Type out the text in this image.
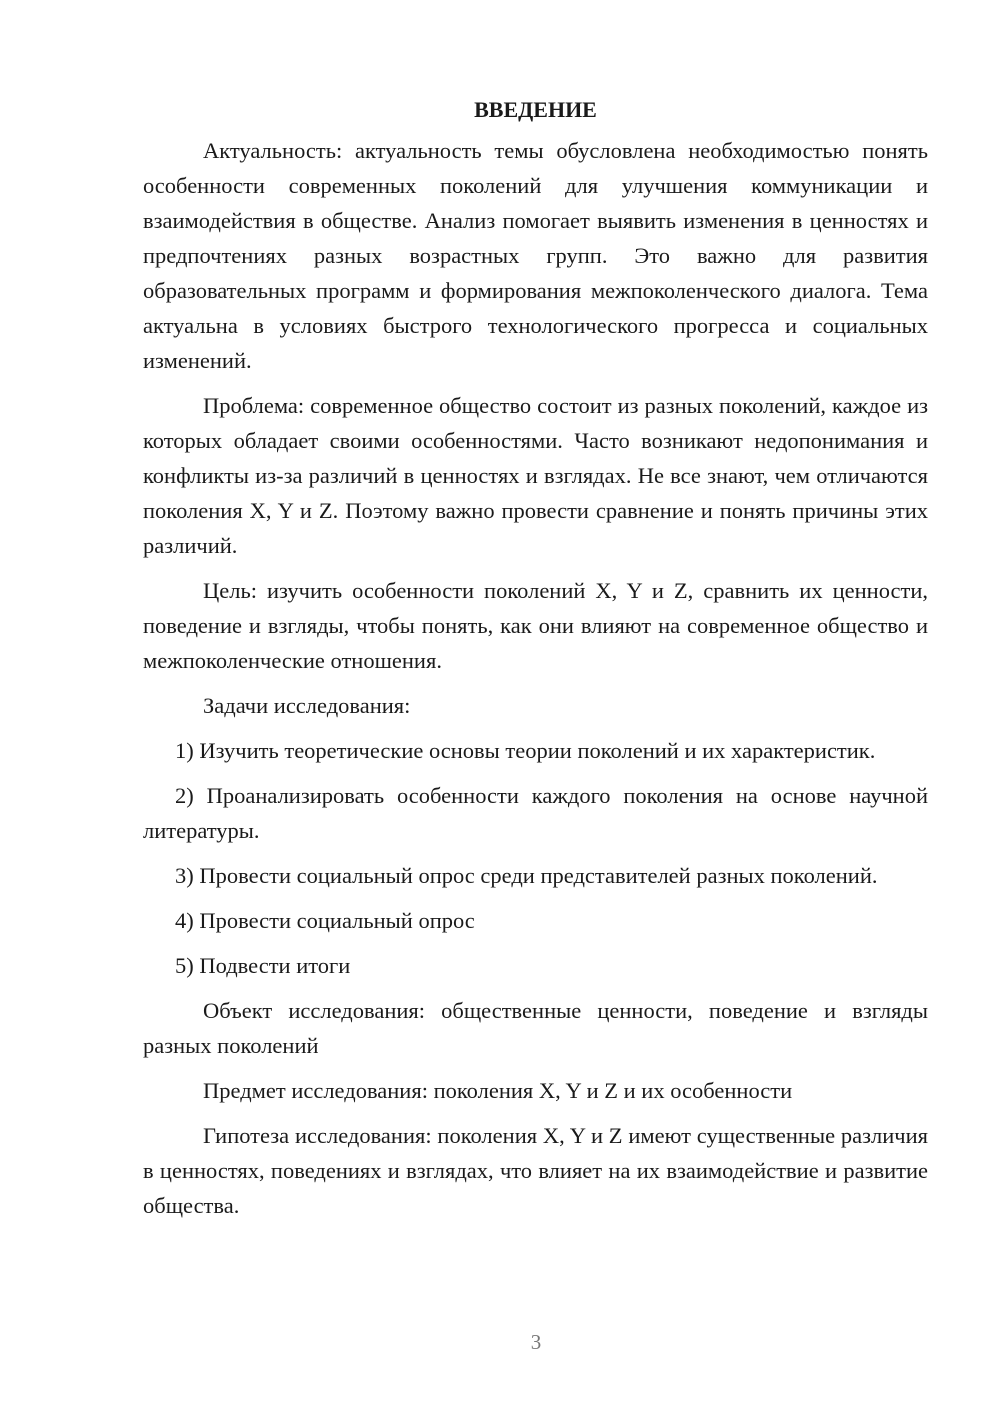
ВВЕДЕНИЕ

Актуальность: актуальность темы обусловлена необходимостью понять особенности современных поколений для улучшения коммуникации и взаимодействия в обществе. Анализ помогает выявить изменения в ценностях и предпочтениях разных возрастных групп. Это важно для развития образовательных программ и формирования межпоколенческого диалога. Тема актуальна в условиях быстрого технологического прогресса и социальных изменений.

Проблема: современное общество состоит из разных поколений, каждое из которых обладает своими особенностями. Часто возникают недопонимания и конфликты из-за различий в ценностях и взглядах. Не все знают, чем отличаются поколения X, Y и Z. Поэтому важно провести сравнение и понять причины этих различий.

Цель: изучить особенности поколений X, Y и Z, сравнить их ценности, поведение и взгляды, чтобы понять, как они влияют на современное общество и межпоколенческие отношения.

Задачи исследования:

1) Изучить теоретические основы теории поколений и их характеристик.

2) Проанализировать особенности каждого поколения на основе научной литературы.

3) Провести социальный опрос среди представителей разных поколений.

4) Провести социальный опрос

5) Подвести итоги

Объект исследования: общественные ценности, поведение и взгляды разных поколений

Предмет исследования: поколения X, Y и Z и их особенности

Гипотеза исследования: поколения X, Y и Z имеют существенные различия в ценностях, поведениях и взглядах, что влияет на их взаимодействие и развитие общества.

3
